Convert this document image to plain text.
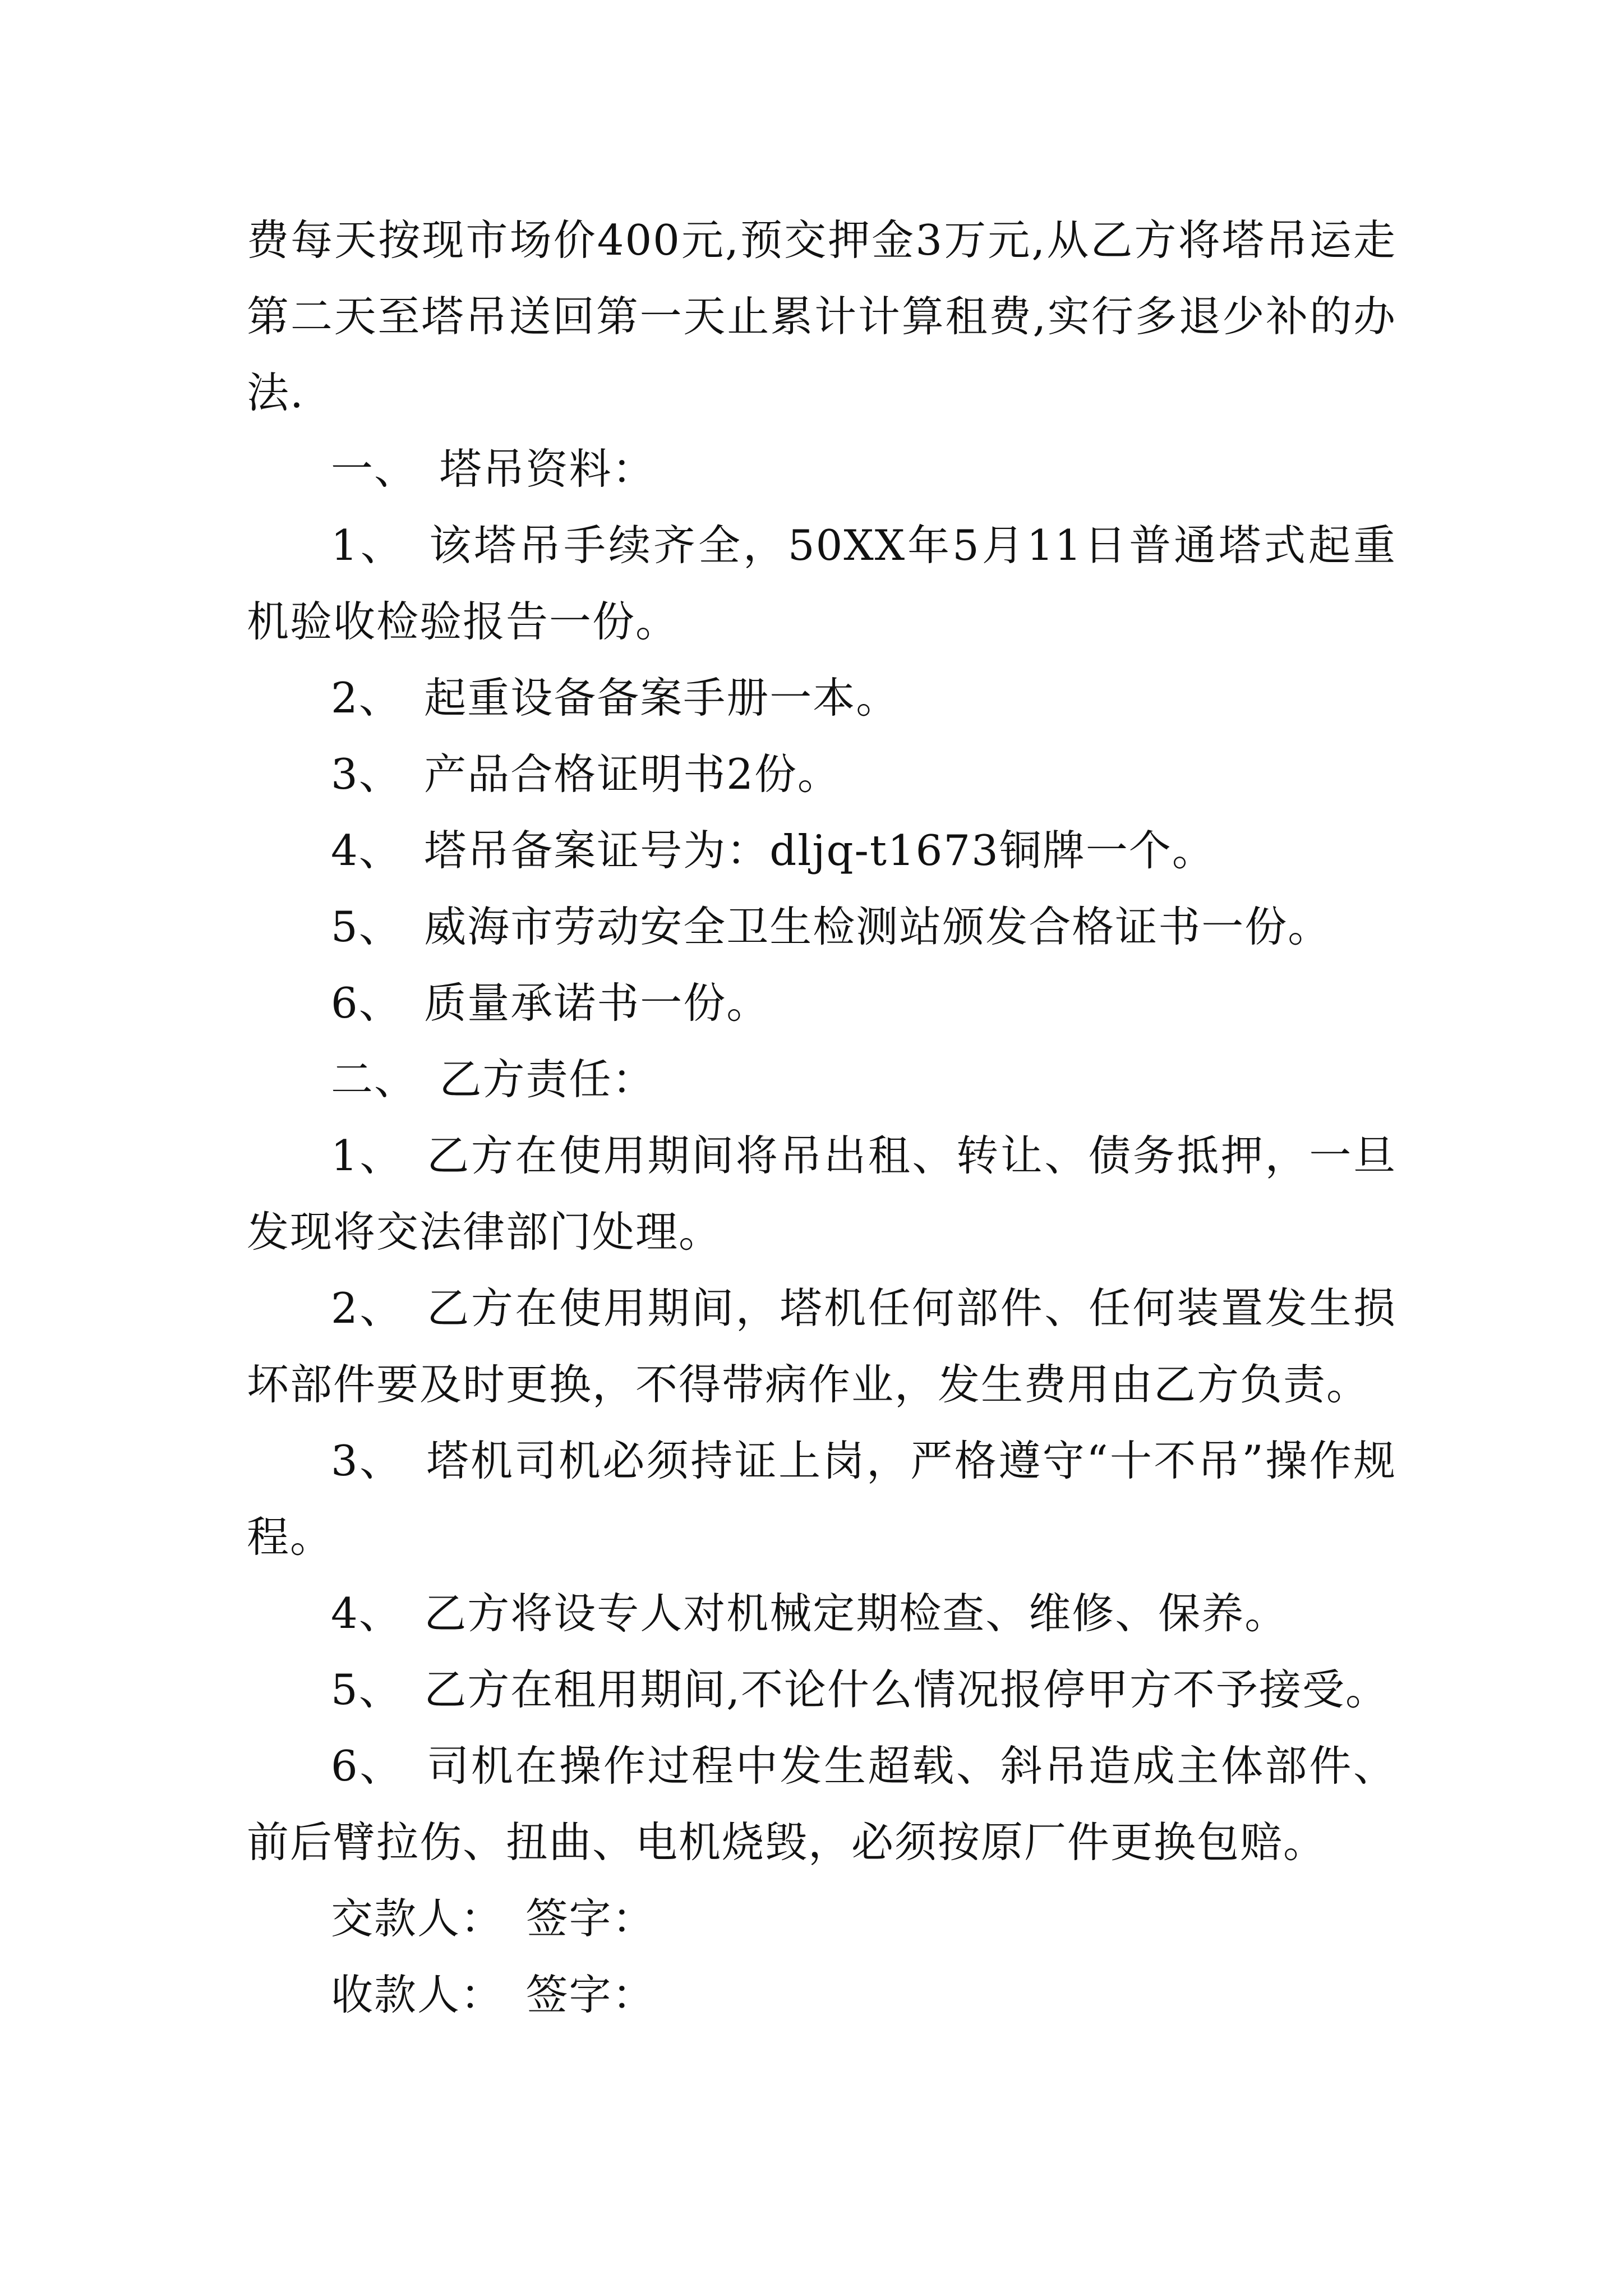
费每天按现市场价400元,预交押金3万元,从乙方将塔吊运走第二天至塔吊送回第一天止累计计算租费,实行多退少补的办法.

一、　塔吊资料：

1、　该塔吊手续齐全，50XX年5月11日普通塔式起重机验收检验报告一份。

2、　起重设备备案手册一本。

3、　产品合格证明书2份。

4、　塔吊备案证号为：dljq-t1673铜牌一个。

5、　威海市劳动安全卫生检测站颁发合格证书一份。

6、　质量承诺书一份。

二、　乙方责任：

1、　乙方在使用期间将吊出租、转让、债务抵押，一旦发现将交法律部门处理。

2、　乙方在使用期间，塔机任何部件、任何装置发生损坏部件要及时更换，不得带病作业，发生费用由乙方负责。

3、　塔机司机必须持证上岗，严格遵守“十不吊”操作规程。

4、　乙方将设专人对机械定期检查、维修、保养。

5、　乙方在租用期间,不论什么情况报停甲方不予接受。

6、　司机在操作过程中发生超载、斜吊造成主体部件、前后臂拉伤、扭曲、电机烧毁，必须按原厂件更换包赔。

交款人：　签字：

收款人：　签字：
